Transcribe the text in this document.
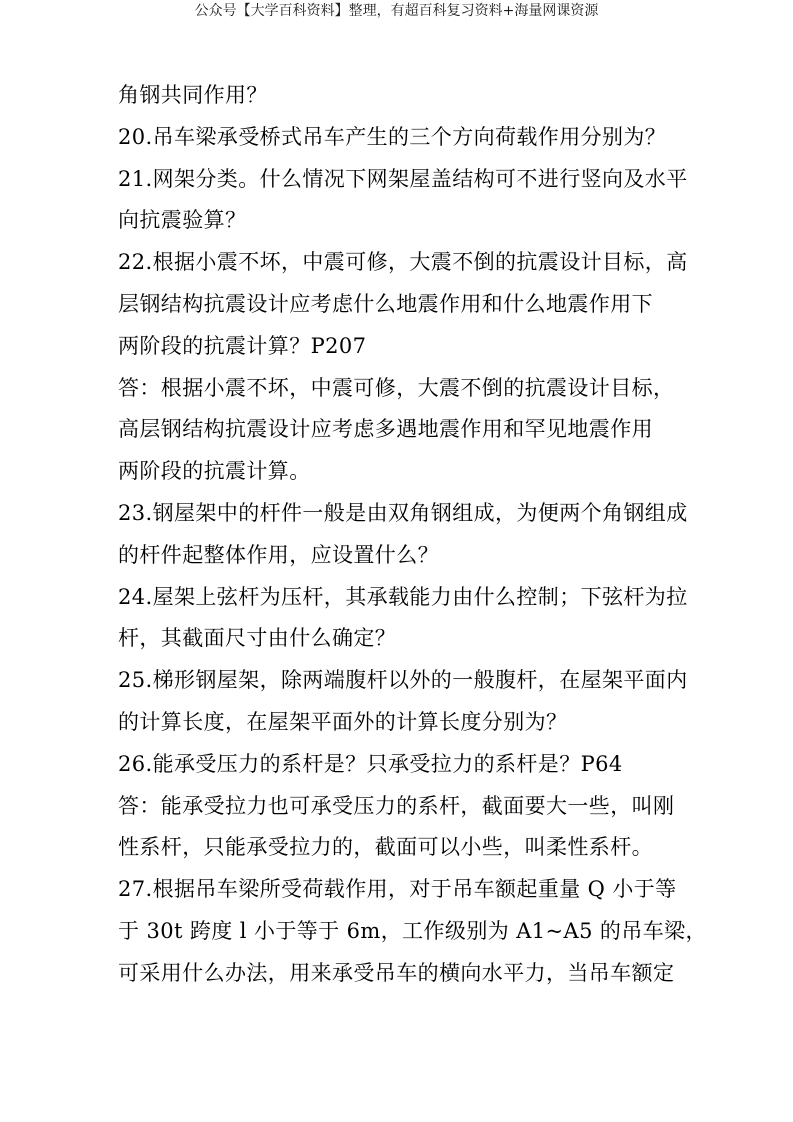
公众号【大学百科资料】整理，有超百科复习资料+海量网课资源
角钢共同作用？
20.吊车梁承受桥式吊车产生的三个方向荷载作用分别为？
21.网架分类。什么情况下网架屋盖结构可不进行竖向及水平
向抗震验算？
22.根据小震不坏，中震可修，大震不倒的抗震设计目标，高
层钢结构抗震设计应考虑什么地震作用和什么地震作用下
两阶段的抗震计算？P207
答：根据小震不坏，中震可修，大震不倒的抗震设计目标，
高层钢结构抗震设计应考虑多遇地震作用和罕见地震作用
两阶段的抗震计算。
23.钢屋架中的杆件一般是由双角钢组成，为便两个角钢组成
的杆件起整体作用，应设置什么？
24.屋架上弦杆为压杆，其承载能力由什么控制；下弦杆为拉
杆，其截面尺寸由什么确定？
25.梯形钢屋架，除两端腹杆以外的一般腹杆，在屋架平面内
的计算长度，在屋架平面外的计算长度分别为？
26.能承受压力的系杆是？只承受拉力的系杆是？P64
答：能承受拉力也可承受压力的系杆，截面要大一些，叫刚
性系杆，只能承受拉力的，截面可以小些，叫柔性系杆。
27.根据吊车梁所受荷载作用，对于吊车额起重量 Q 小于等
于 30t 跨度 l 小于等于 6m，工作级别为 A1~A5 的吊车梁，
可采用什么办法，用来承受吊车的横向水平力，当吊车额定
